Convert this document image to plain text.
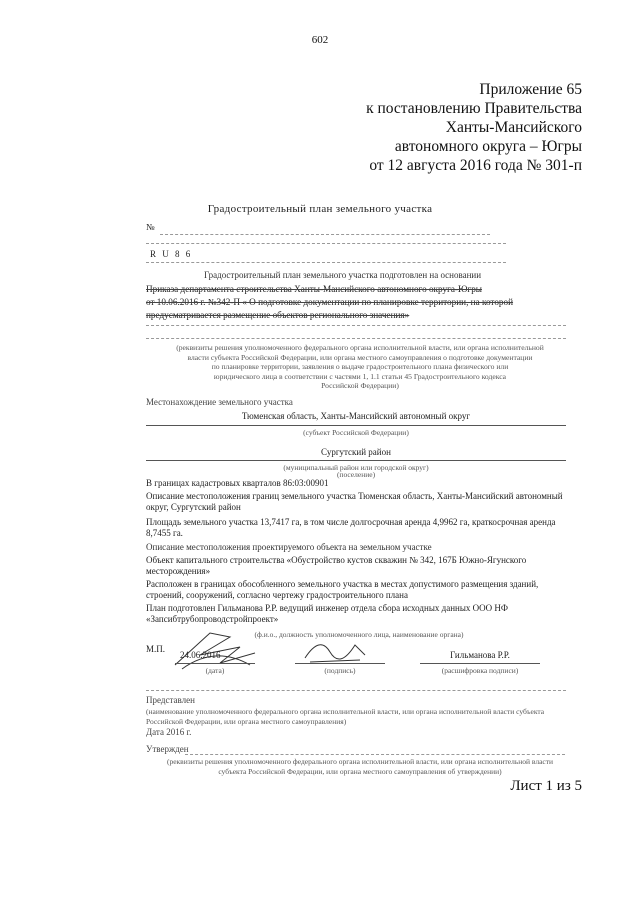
602
Приложение 65
к постановлению Правительства
Ханты-Мансийского
автономного округа – Югры
от 12 августа 2016 года № 301-п
Градостроительный план земельного участка
№
R U 8 6
Градостроительный план земельного участка подготовлен на основании
Приказа департамента строительства Ханты-Мансийского автономного округа-Югры
от 10.06.2016 г. №342-П « О подготовке документации по планировке территории, на которой
предусматривается размещение объектов регионального значения»
(реквизиты решения уполномоченного федерального органа исполнительной власти, или органа исполнительной
власти субъекта Российской Федерации, или органа местного самоуправления о подготовке документации
по планировке территории, заявления о выдаче градостроительного плана физического или
юридического лица в соответствии с частями 1, 1.1 статьи 45 Градостроительного кодекса
Российской Федерации)
Местонахождение земельного участка
Тюменская область, Ханты-Мансийский автономный округ
(субъект Российской Федерации)
Сургутский район
(муниципальный район или городской округ)
(поселение)
В границах кадастровых кварталов 86:03:00901
Описание местоположения границ земельного участка Тюменская область, Ханты-Мансийский автономный округ, Сургутский район
Площадь земельного участка 13,7417 га, в том числе долгосрочная аренда 4,9962 га, краткосрочная аренда 8,7455 га.
Описание местоположения проектируемого объекта на земельном участке
Объект капитального строительства «Обустройство кустов скважин № 342, 167Б Южно-Ягунского месторождения»
Расположен в границах обособленного земельного участка в местах допустимого размещения зданий, строений, сооружений, согласно чертежу градостроительного плана
План подготовлен Гильманова Р.Р. ведущий инженер отдела сбора исходных данных ООО НФ «Запсибтрубопроводстройпроект»
(ф.и.о., должность уполномоченного лица, наименование органа)
М.П.
24.06.2016
(дата)	(подпись)
Гильманова Р.Р.
(расшифровка подписи)
Представлен
(наименование уполномоченного федерального органа исполнительной власти, или органа исполнительной власти субъекта Российской Федерации, или органа местного самоуправления)
Дата 2016 г.
Утвержден
(реквизиты решения уполномоченного федерального органа исполнительной власти, или органа исполнительной власти
субъекта Российской Федерации, или органа местного самоуправления об утверждении)
Лист 1 из 5
